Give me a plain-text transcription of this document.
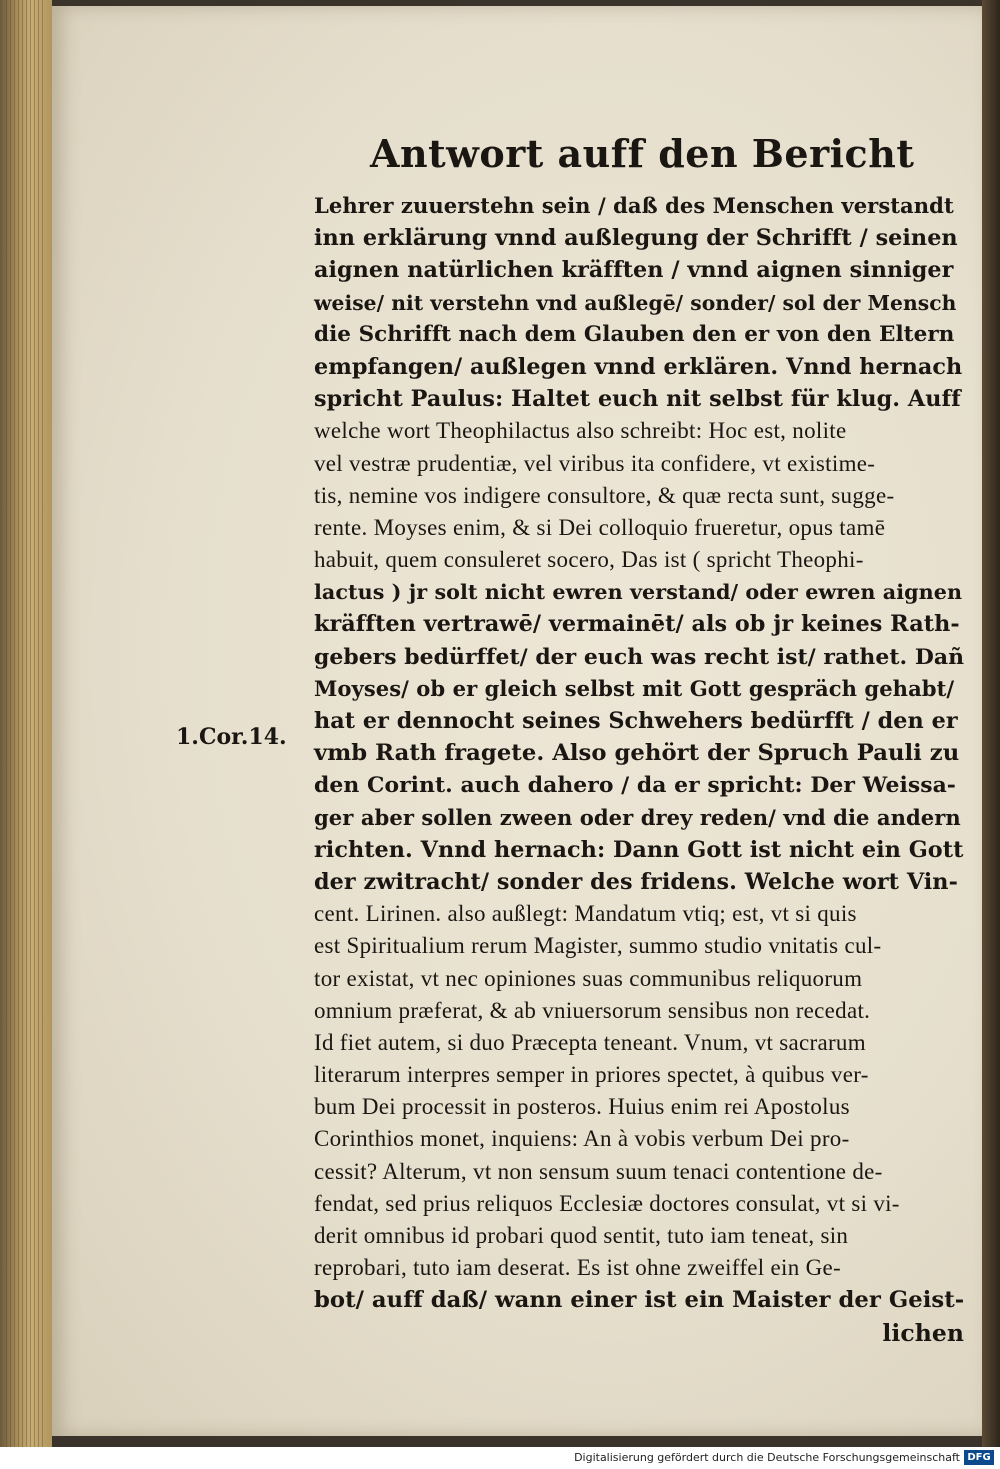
Antwort auff den Bericht
1.Cor.14.
Lehrer zuuerstehn sein / daß des Menschen verstandt
inn erklärung vnnd außlegung der Schrifft / seinen
aignen natürlichen kräfften / vnnd aignen sinniger
weise/ nit verstehn vnd außlegē/ sonder/ sol der Mensch
die Schrifft nach dem Glauben den er von den Eltern
empfangen/ außlegen vnnd erklären. Vnnd hernach
spricht Paulus: Haltet euch nit selbst für klug. Auff
welche wort Theophilactus also schreibt: Hoc est, nolite
vel vestræ prudentiæ, vel viribus ita confidere, vt existime-
tis, nemine vos indigere consultore, & quæ recta sunt, sugge-
rente. Moyses enim, & si Dei colloquio frueretur, opus tamē
habuit, quem consuleret socero, Das ist ( spricht Theophi-
lactus ) jr solt nicht ewren verstand/ oder ewren aignen
kräfften vertrawē/ vermainēt/ als ob jr keines Rath-
gebers bedürffet/ der euch was recht ist/ rathet. Dañ
Moyses/ ob er gleich selbst mit Gott gespräch gehabt/
hat er dennocht seines Schwehers bedürfft / den er
vmb Rath fragete. Also gehört der Spruch Pauli zu
den Corint. auch dahero / da er spricht: Der Weissa-
ger aber sollen zween oder drey reden/ vnd die andern
richten. Vnnd hernach: Dann Gott ist nicht ein Gott
der zwitracht/ sonder des fridens. Welche wort Vin-
cent. Lirinen. also außlegt: Mandatum vtiq; est, vt si quis
est Spiritualium rerum Magister, summo studio vnitatis cul-
tor existat, vt nec opiniones suas communibus reliquorum
omnium præferat, & ab vniuersorum sensibus non recedat.
Id fiet autem, si duo Præcepta teneant. Vnum, vt sacrarum
literarum interpres semper in priores spectet, à quibus ver-
bum Dei processit in posteros. Huius enim rei Apostolus
Corinthios monet, inquiens: An à vobis verbum Dei pro-
cessit? Alterum, vt non sensum suum tenaci contentione de-
fendat, sed prius reliquos Ecclesiæ doctores consulat, vt si vi-
derit omnibus id probari quod sentit, tuto iam teneat, sin
reprobari, tuto iam deserat. Es ist ohne zweiffel ein Ge-
bot/ auff daß/ wann einer ist ein Maister der Geist-
lichen
Digitalisierung gefördert durch die Deutsche Forschungsgemeinschaft DFG
